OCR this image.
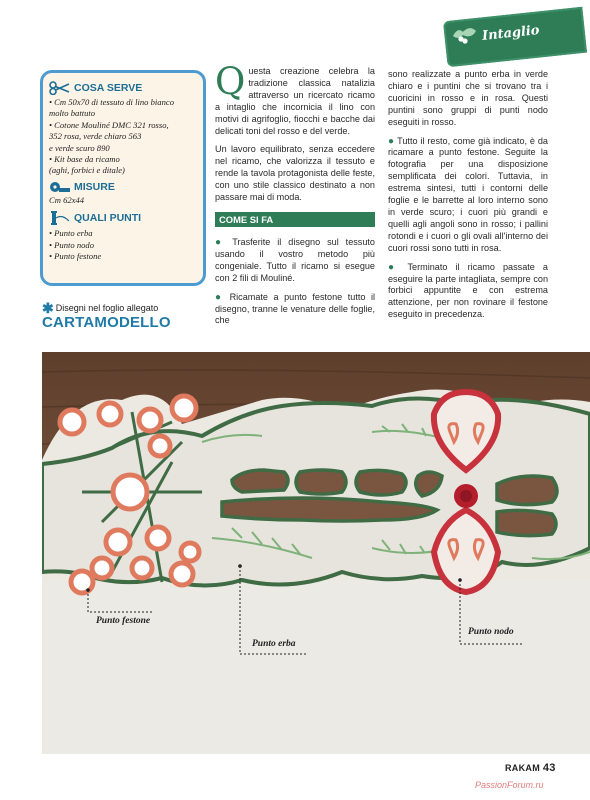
Intaglio
COSA SERVE
• Cm 50x70 di tessuto di lino bianco
molto battuto
• Cotone Mouliné DMC 321 rosso,
352 rosa, verde chiaro 563
e verde scuro 890
• Kit base da ricamo
(aghi, forbici e ditale)
MISURE
Cm 62x44
QUALI PUNTI
• Punto erba
• Punto nodo
• Punto festone
✱ Disegni nel foglio allegato
CARTAMODELLO

Questa creazione celebra la tradizione classica natalizia attraverso un ricercato ricamo a intaglio che incornicia il lino con motivi di agrifoglio, fiocchi e bacche dai delicati toni del rosso e del verde.

Un lavoro equilibrato, senza eccedere nel ricamo, che valorizza il tessuto e rende la tavola protagonista delle feste, con uno stile classico destinato a non passare mai di moda.

COME SI FA

● Trasferite il disegno sul tessuto usando il vostro metodo più congeniale. Tutto il ricamo si esegue con 2 fili di Mouliné.

● Ricamate a punto festone tutto il disegno, tranne le venature delle foglie, che

sono realizzate a punto erba in verde chiaro e i puntini che si trovano tra i cuoricini in rosso e in rosa. Questi puntini sono gruppi di punti nodo eseguiti in rosso.

● Tutto il resto, come già indicato, è da ricamare a punto festone. Seguite la fotografia per una disposizione semplificata dei colori. Tuttavia, in estrema sintesi, tutti i contorni delle foglie e le barrette al loro interno sono in verde scuro; i cuori più grandi e quelli agli angoli sono in rosso; i pallini rotondi e i cuori o gli ovali all'interno dei cuori rossi sono tutti in rosa.

● Terminato il ricamo passate a eseguire la parte intagliata, sempre con forbici appuntite e con estrema attenzione, per non rovinare il festone eseguito in precedenza.

Punto festone
Punto erba
Punto nodo
RAKAM 43
PassionForum.ru
